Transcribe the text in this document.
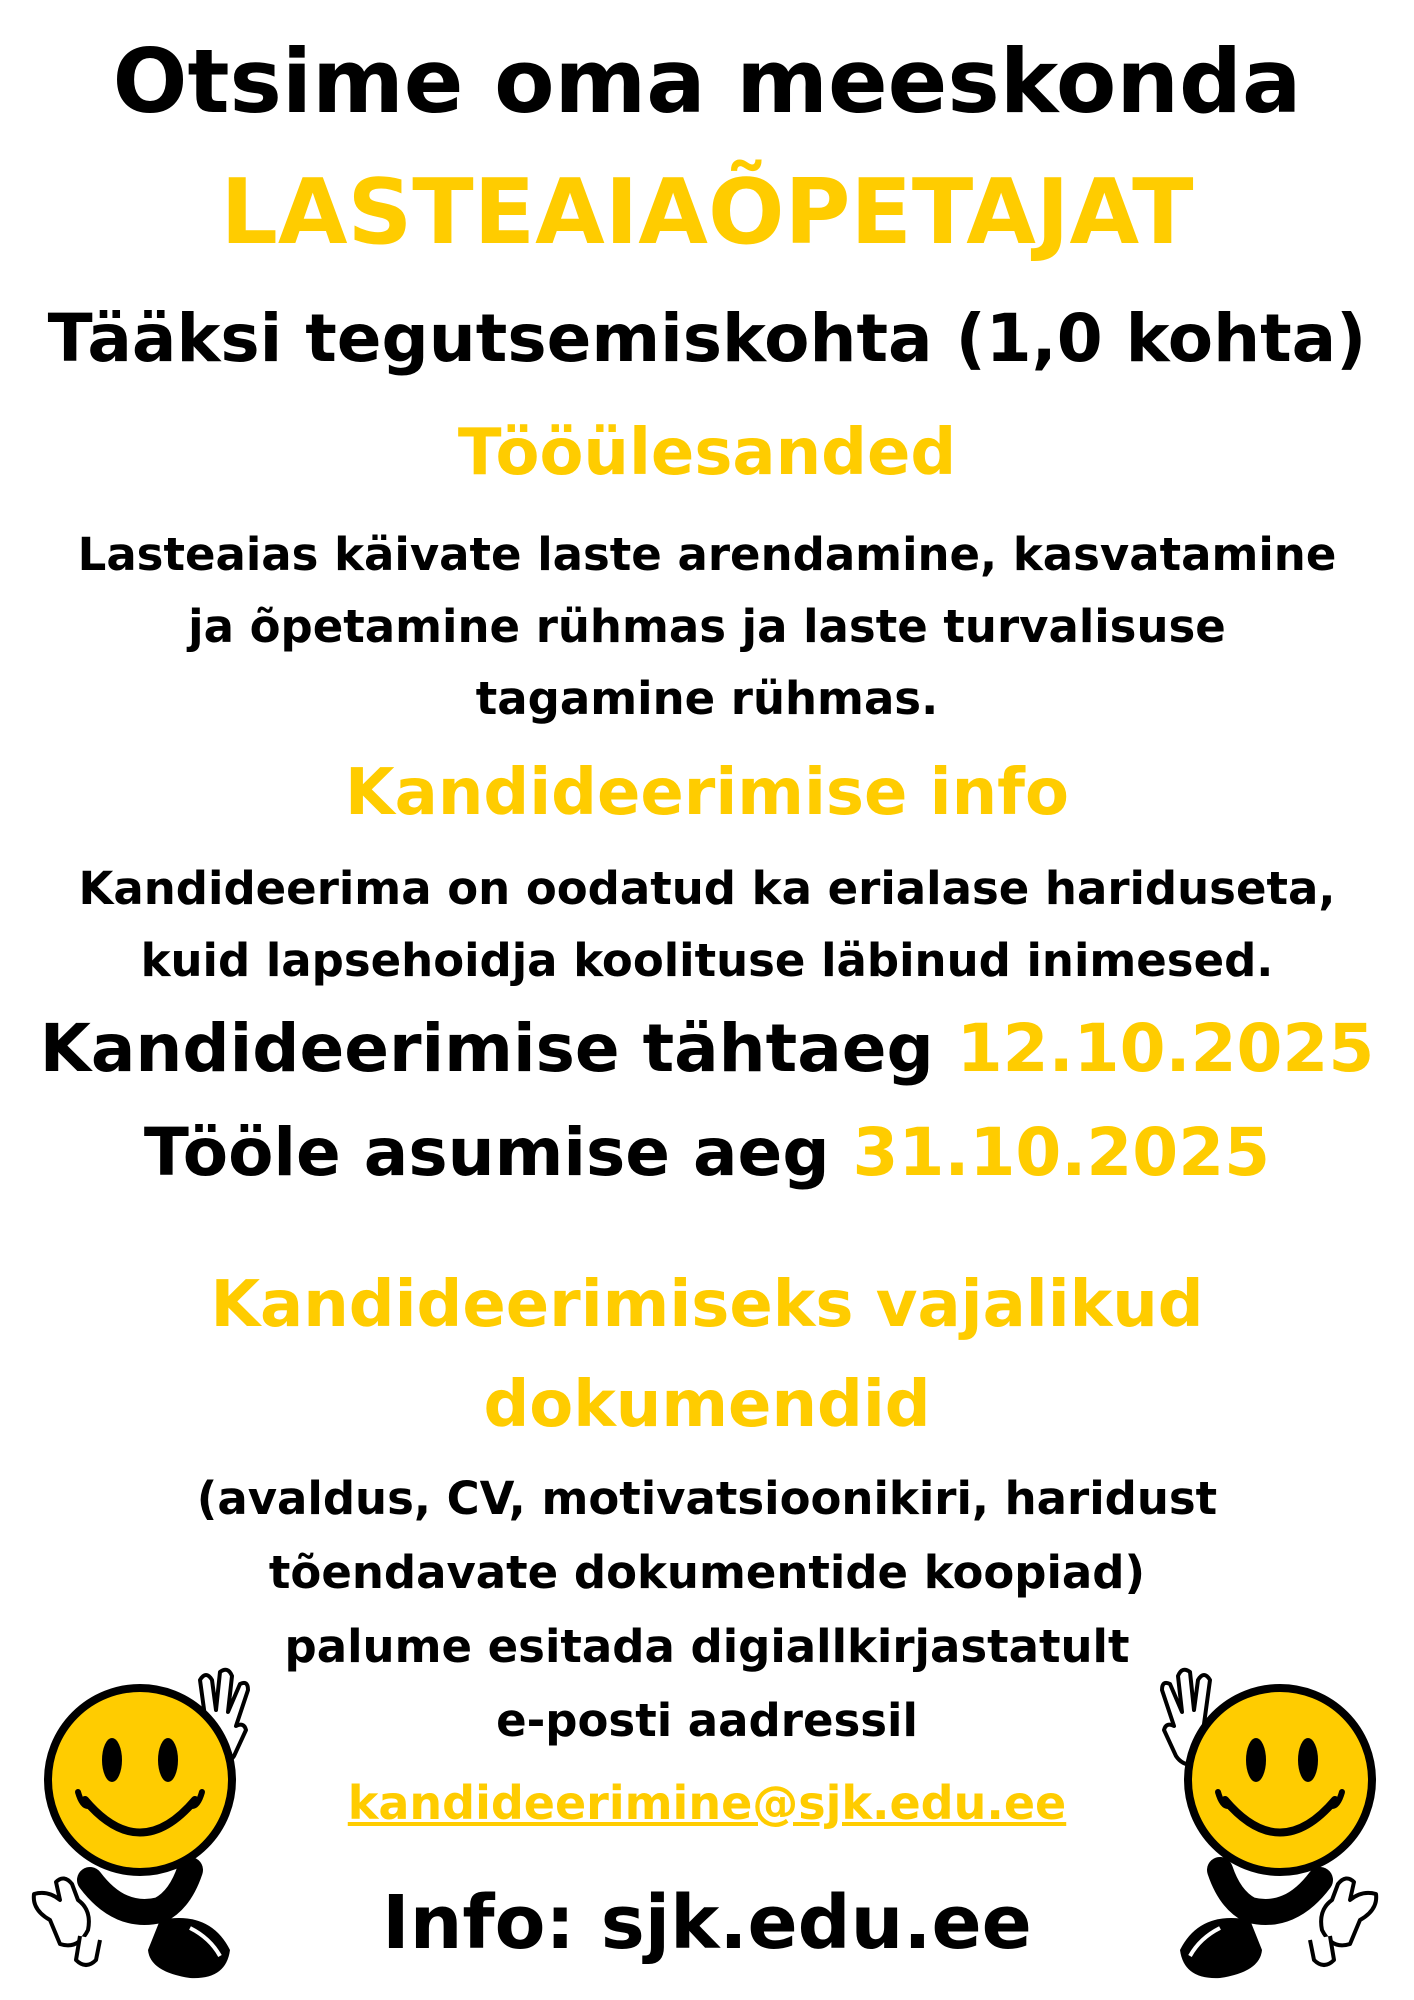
Otsime oma meeskonda
LASTEAIAÕPETAJAT
Tääksi tegutsemiskohta (1,0 kohta)
Tööülesanded
Lasteaias käivate laste arendamine, kasvatamine
ja õpetamine rühmas ja laste turvalisuse
tagamine rühmas.
Kandideerimise info
Kandideerima on oodatud ka erialase hariduseta,
kuid lapsehoidja koolituse läbinud inimesed.
Kandideerimise tähtaeg 12.10.2025
Tööle asumise aeg 31.10.2025
Kandideerimiseks vajalikud
dokumendid
(avaldus, CV, motivatsioonikiri, haridust
tõendavate dokumentide koopiad)
palume esitada digiallkirjastatult
e-posti aadressil
kandideerimine@sjk.edu.ee
Info: sjk.edu.ee
